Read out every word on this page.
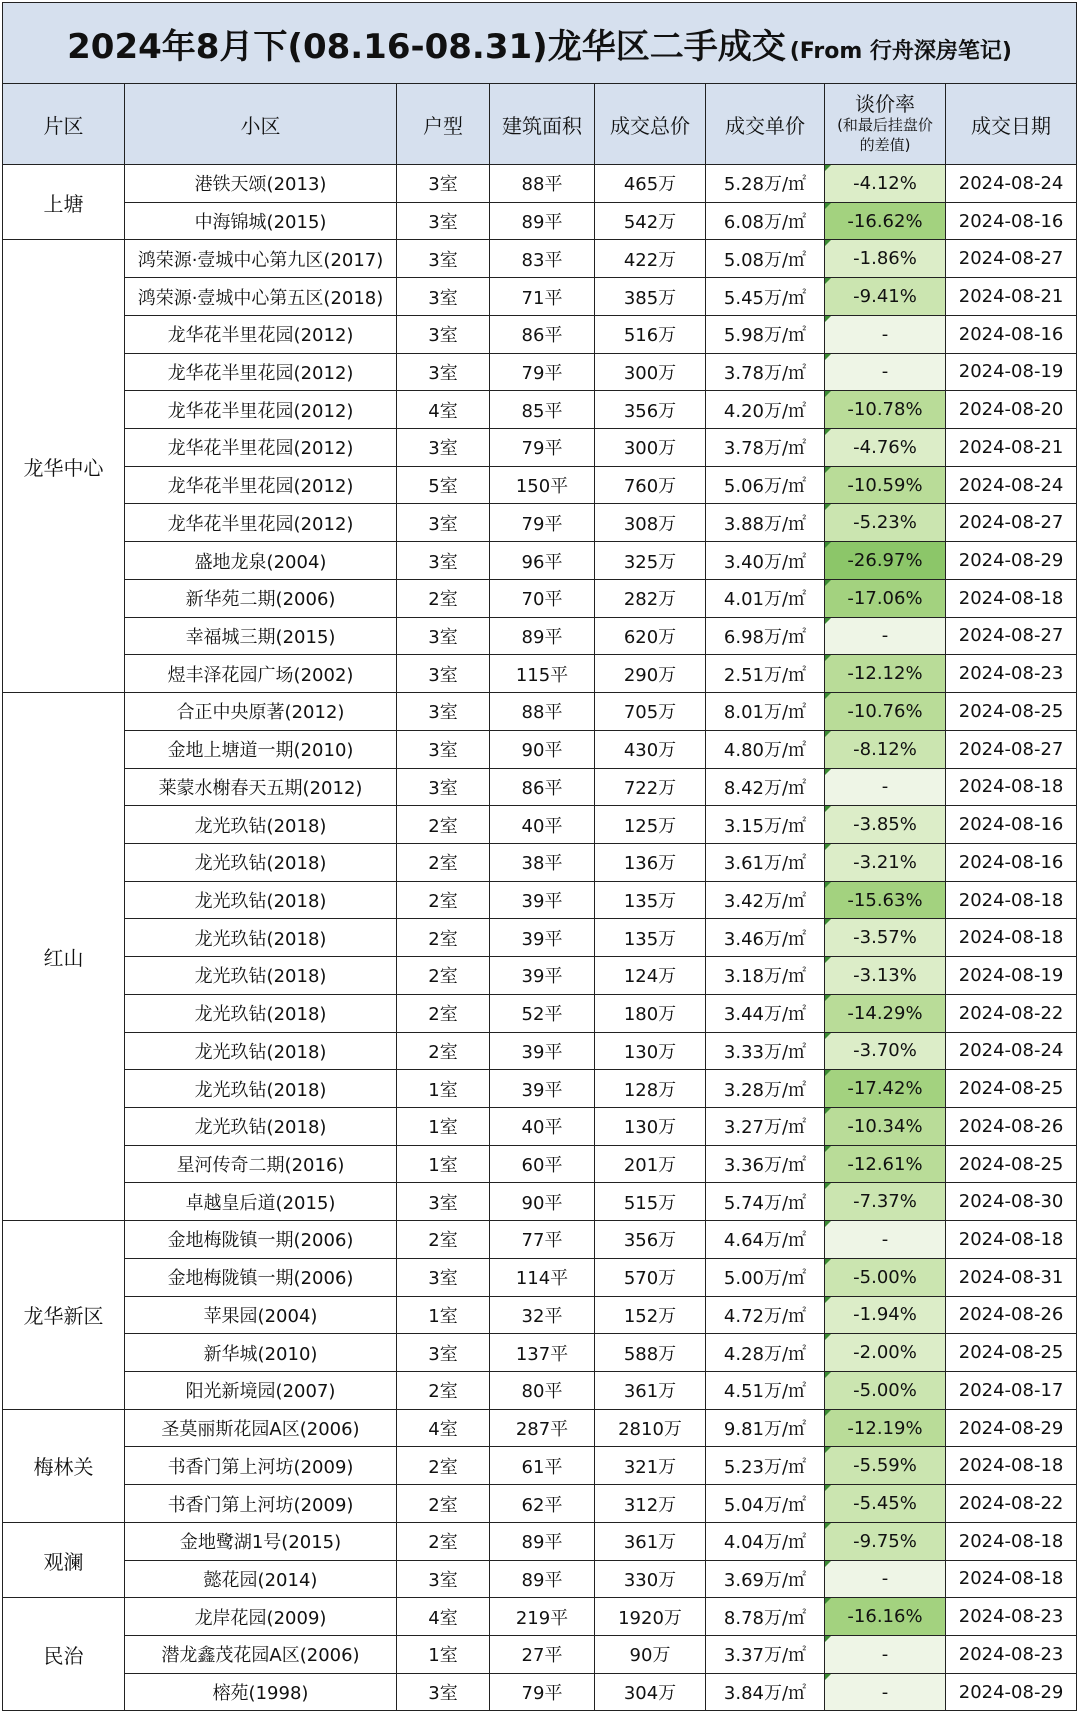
2024年8月下(08.16-08.31)龙华区二手成交 (From 行舟深房笔记)							
片区	小区	户型	建筑面积	成交总价	成交单价	谈价率
(和最后挂盘价
的差值)	成交日期
上塘	港铁天颂(2013)	3室	88平	465万	5.28万/㎡	-4.12%	2024-08-24
	中海锦城(2015)	3室	89平	542万	6.08万/㎡	-16.62%	2024-08-16
龙华中心	鸿荣源·壹城中心第九区(2017)	3室	83平	422万	5.08万/㎡	-1.86%	2024-08-27
	鸿荣源·壹城中心第五区(2018)	3室	71平	385万	5.45万/㎡	-9.41%	2024-08-21
	龙华花半里花园(2012)	3室	86平	516万	5.98万/㎡	-	2024-08-16
	龙华花半里花园(2012)	3室	79平	300万	3.78万/㎡	-	2024-08-19
	龙华花半里花园(2012)	4室	85平	356万	4.20万/㎡	-10.78%	2024-08-20
	龙华花半里花园(2012)	3室	79平	300万	3.78万/㎡	-4.76%	2024-08-21
	龙华花半里花园(2012)	5室	150平	760万	5.06万/㎡	-10.59%	2024-08-24
	龙华花半里花园(2012)	3室	79平	308万	3.88万/㎡	-5.23%	2024-08-27
	盛地龙泉(2004)	3室	96平	325万	3.40万/㎡	-26.97%	2024-08-29
	新华苑二期(2006)	2室	70平	282万	4.01万/㎡	-17.06%	2024-08-18
	幸福城三期(2015)	3室	89平	620万	6.98万/㎡	-	2024-08-27
	煜丰泽花园广场(2002)	3室	115平	290万	2.51万/㎡	-12.12%	2024-08-23
红山	合正中央原著(2012)	3室	88平	705万	8.01万/㎡	-10.76%	2024-08-25
	金地上塘道一期(2010)	3室	90平	430万	4.80万/㎡	-8.12%	2024-08-27
	莱蒙水榭春天五期(2012)	3室	86平	722万	8.42万/㎡	-	2024-08-18
	龙光玖钻(2018)	2室	40平	125万	3.15万/㎡	-3.85%	2024-08-16
	龙光玖钻(2018)	2室	38平	136万	3.61万/㎡	-3.21%	2024-08-16
	龙光玖钻(2018)	2室	39平	135万	3.42万/㎡	-15.63%	2024-08-18
	龙光玖钻(2018)	2室	39平	135万	3.46万/㎡	-3.57%	2024-08-18
	龙光玖钻(2018)	2室	39平	124万	3.18万/㎡	-3.13%	2024-08-19
	龙光玖钻(2018)	2室	52平	180万	3.44万/㎡	-14.29%	2024-08-22
	龙光玖钻(2018)	2室	39平	130万	3.33万/㎡	-3.70%	2024-08-24
	龙光玖钻(2018)	1室	39平	128万	3.28万/㎡	-17.42%	2024-08-25
	龙光玖钻(2018)	1室	40平	130万	3.27万/㎡	-10.34%	2024-08-26
	星河传奇二期(2016)	1室	60平	201万	3.36万/㎡	-12.61%	2024-08-25
	卓越皇后道(2015)	3室	90平	515万	5.74万/㎡	-7.37%	2024-08-30
龙华新区	金地梅陇镇一期(2006)	2室	77平	356万	4.64万/㎡	-	2024-08-18
	金地梅陇镇一期(2006)	3室	114平	570万	5.00万/㎡	-5.00%	2024-08-31
	苹果园(2004)	1室	32平	152万	4.72万/㎡	-1.94%	2024-08-26
	新华城(2010)	3室	137平	588万	4.28万/㎡	-2.00%	2024-08-25
	阳光新境园(2007)	2室	80平	361万	4.51万/㎡	-5.00%	2024-08-17
梅林关	圣莫丽斯花园A区(2006)	4室	287平	2810万	9.81万/㎡	-12.19%	2024-08-29
	书香门第上河坊(2009)	2室	61平	321万	5.23万/㎡	-5.59%	2024-08-18
	书香门第上河坊(2009)	2室	62平	312万	5.04万/㎡	-5.45%	2024-08-22
观澜	金地鹭湖1号(2015)	2室	89平	361万	4.04万/㎡	-9.75%	2024-08-18
	懿花园(2014)	3室	89平	330万	3.69万/㎡	-	2024-08-18
民治	龙岸花园(2009)	4室	219平	1920万	8.78万/㎡	-16.16%	2024-08-23
	潜龙鑫茂花园A区(2006)	1室	27平	90万	3.37万/㎡	-	2024-08-23
	榕苑(1998)	3室	79平	304万	3.84万/㎡	-	2024-08-29
